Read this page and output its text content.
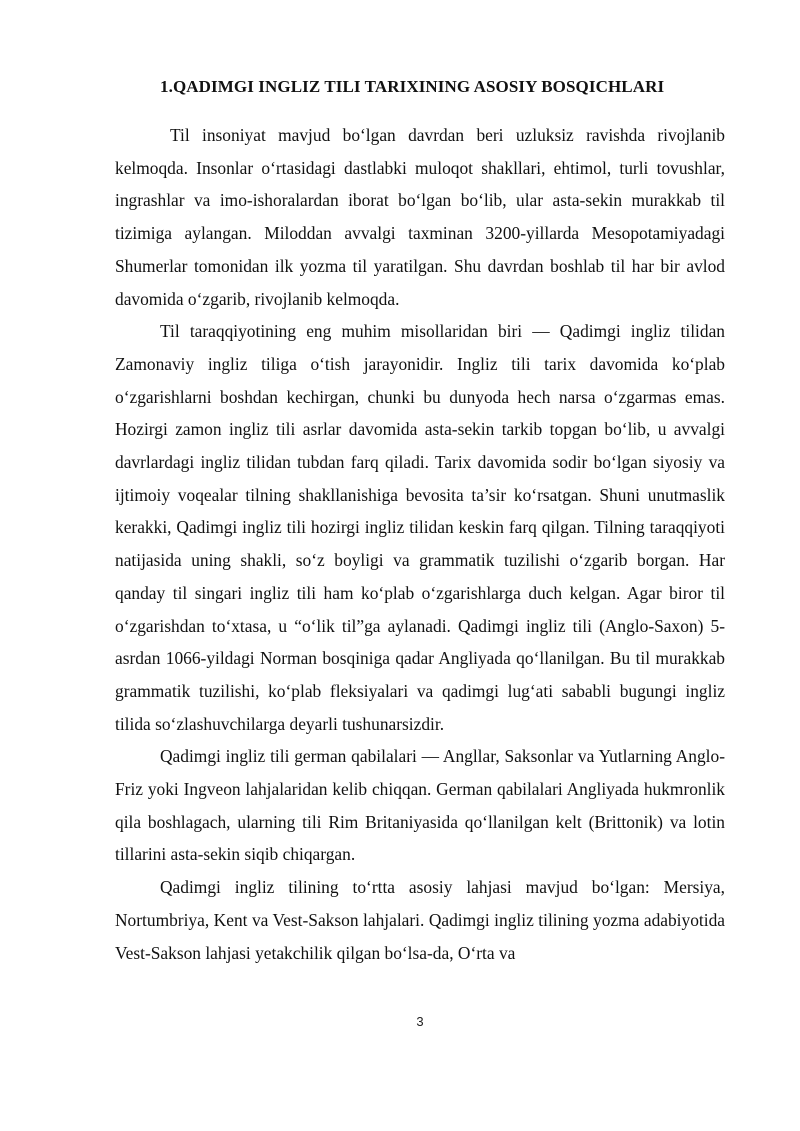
1.QADIMGI INGLIZ TILI TARIXINING ASOSIY BOSQICHLARI

Til insoniyat mavjud bo‘lgan davrdan beri uzluksiz ravishda rivojlanib kelmoqda. Insonlar o‘rtasidagi dastlabki muloqot shakllari, ehtimol, turli tovushlar, ingrashlar va imo-ishoralardan iborat bo‘lgan bo‘lib, ular asta-sekin murakkab til tizimiga aylangan. Miloddan avvalgi taxminan 3200-yillarda Mesopotamiyadagi Shumerlar tomonidan ilk yozma til yaratilgan. Shu davrdan boshlab til har bir avlod davomida o‘zgarib, rivojlanib kelmoqda.

Til taraqqiyotining eng muhim misollaridan biri — Qadimgi ingliz tilidan Zamonaviy ingliz tiliga o‘tish jarayonidir. Ingliz tili tarix davomida ko‘plab o‘zgarishlarni boshdan kechirgan, chunki bu dunyoda hech narsa o‘zgarmas emas. Hozirgi zamon ingliz tili asrlar davomida asta-sekin tarkib topgan bo‘lib, u avvalgi davrlardagi ingliz tilidan tubdan farq qiladi. Tarix davomida sodir bo‘lgan siyosiy va ijtimoiy voqealar tilning shakllanishiga bevosita ta’sir ko‘rsatgan. Shuni unutmaslik kerakki, Qadimgi ingliz tili hozirgi ingliz tilidan keskin farq qilgan. Tilning taraqqiyoti natijasida uning shakli, so‘z boyligi va grammatik tuzilishi o‘zgarib borgan. Har qanday til singari ingliz tili ham ko‘plab o‘zgarishlarga duch kelgan. Agar biror til o‘zgarishdan to‘xtasa, u “o‘lik til”ga aylanadi. Qadimgi ingliz tili (Anglo-Saxon) 5-asrdan 1066-yildagi Norman bosqiniga qadar Angliyada qo‘llanilgan. Bu til murakkab grammatik tuzilishi, ko‘plab fleksiyalari va qadimgi lug‘ati sababli bugungi ingliz tilida so‘zlashuvchilarga deyarli tushunarsizdir.

Qadimgi ingliz tili german qabilalari — Angllar, Saksonlar va Yutlarning Anglo-Friz yoki Ingveon lahjalaridan kelib chiqqan. German qabilalari Angliyada hukmronlik qila boshlagach, ularning tili Rim Britaniyasida qo‘llanilgan kelt (Brittonik) va lotin tillarini asta-sekin siqib chiqargan.

Qadimgi ingliz tilining to‘rtta asosiy lahjasi mavjud bo‘lgan: Mersiya, Nortumbriya, Kent va Vest-Sakson lahjalari. Qadimgi ingliz tilining yozma adabiyotida Vest-Sakson lahjasi yetakchilik qilgan bo‘lsa-da, O‘rta va

3
